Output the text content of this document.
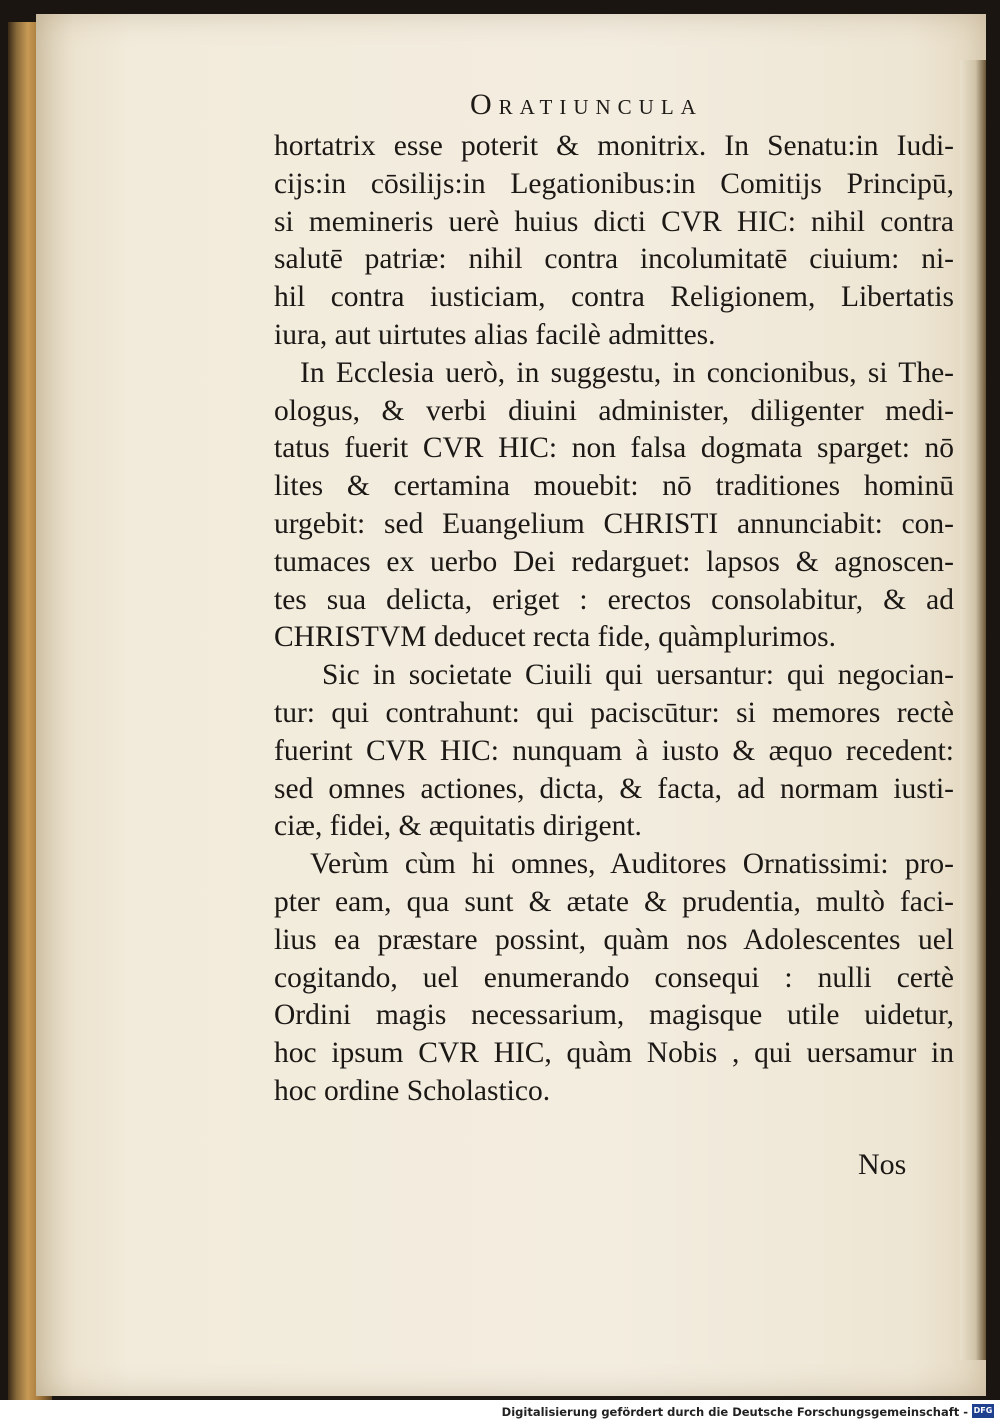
Oratiuncula
hortatrix esse poterit & monitrix. In Senatu:in Iudi-
cijs:in cōsilijs:in Legationibus:in Comitijs Principū,
si memineris uerè huius dicti CVR HIC: nihil contra
salutē patriæ: nihil contra incolumitatē ciuium: ni-
hil contra iusticiam, contra Religionem, Libertatis
iura, aut uirtutes alias facilè admittes.
In Ecclesia uerò, in suggestu, in concionibus, si The-
ologus, & verbi diuini administer, diligenter medi-
tatus fuerit CVR HIC: non falsa dogmata sparget: nō
lites & certamina mouebit: nō traditiones hominū
urgebit: sed Euangelium CHRISTI annunciabit: con-
tumaces ex uerbo Dei redarguet: lapsos & agnoscen-
tes sua delicta, eriget : erectos consolabitur, & ad
CHRISTVM deducet recta fide, quàmplurimos.
Sic in societate Ciuili qui uersantur: qui negocian-
tur: qui contrahunt: qui paciscūtur: si memores rectè
fuerint CVR HIC: nunquam à iusto & æquo recedent:
sed omnes actiones, dicta, & facta, ad normam iusti-
ciæ, fidei, & æquitatis dirigent.
Verùm cùm hi omnes, Auditores Ornatissimi: pro-
pter eam, qua sunt & ætate & prudentia, multò faci-
lius ea præstare possint, quàm nos Adolescentes uel
cogitando, uel enumerando consequi : nulli certè
Ordini magis necessarium, magisque utile uidetur,
hoc ipsum CVR HIC, quàm Nobis , qui uersamur in
hoc ordine Scholastico.
Nos
Digitalisierung gefördert durch die Deutsche Forschungsgemeinschaft - DFG
